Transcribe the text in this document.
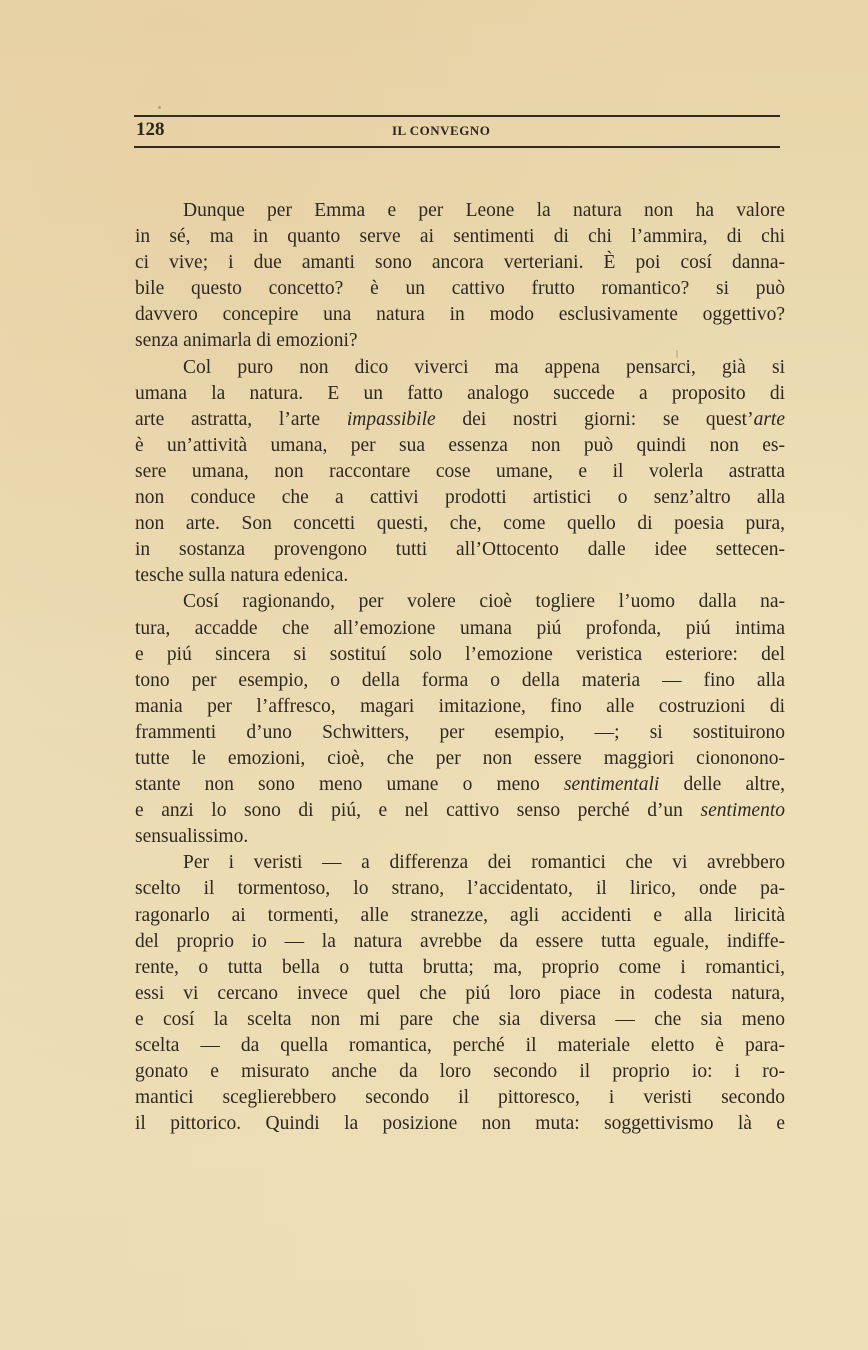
128	IL CONVEGNO
Dunque per Emma e per Leone la natura non ha valore
in sé, ma in quanto serve ai sentimenti di chi l’ammira, di chi
ci vive; i due amanti sono ancora verteriani. È poi cosí danna-
bile questo concetto? è un cattivo frutto romantico? si può
davvero concepire una natura in modo esclusivamente oggettivo?
senza animarla di emozioni?
Col puro non dico viverci ma appena pensarci, già si
umana la natura. E un fatto analogo succede a proposito di
arte astratta, l’arte impassibile dei nostri giorni: se quest’arte
è un’attività umana, per sua essenza non può quindi non es-
sere umana, non raccontare cose umane, e il volerla astratta
non conduce che a cattivi prodotti artistici o senz’altro alla
non arte. Son concetti questi, che, come quello di poesia pura,
in sostanza provengono tutti all’Ottocento dalle idee settecen-
tesche sulla natura edenica.
Cosí ragionando, per volere cioè togliere l’uomo dalla na-
tura, accadde che all’emozione umana piú profonda, piú intima
e piú sincera si sostituí solo l’emozione veristica esteriore: del
tono per esempio, o della forma o della materia — fino alla
mania per l’affresco, magari imitazione, fino alle costruzioni di
frammenti d’uno Schwitters, per esempio, —; si sostituirono
tutte le emozioni, cioè, che per non essere maggiori ciononono-
stante non sono meno umane o meno sentimentali delle altre,
e anzi lo sono di piú, e nel cattivo senso perché d’un sentimento
sensualissimo.
Per i veristi — a differenza dei romantici che vi avrebbero
scelto il tormentoso, lo strano, l’accidentato, il lirico, onde pa-
ragonarlo ai tormenti, alle stranezze, agli accidenti e alla liricità
del proprio io — la natura avrebbe da essere tutta eguale, indiffe-
rente, o tutta bella o tutta brutta; ma, proprio come i romantici,
essi vi cercano invece quel che piú loro piace in codesta natura,
e cosí la scelta non mi pare che sia diversa — che sia meno
scelta — da quella romantica, perché il materiale eletto è para-
gonato e misurato anche da loro secondo il proprio io: i ro-
mantici sceglierebbero secondo il pittoresco, i veristi secondo
il pittorico. Quindi la posizione non muta: soggettivismo là e
